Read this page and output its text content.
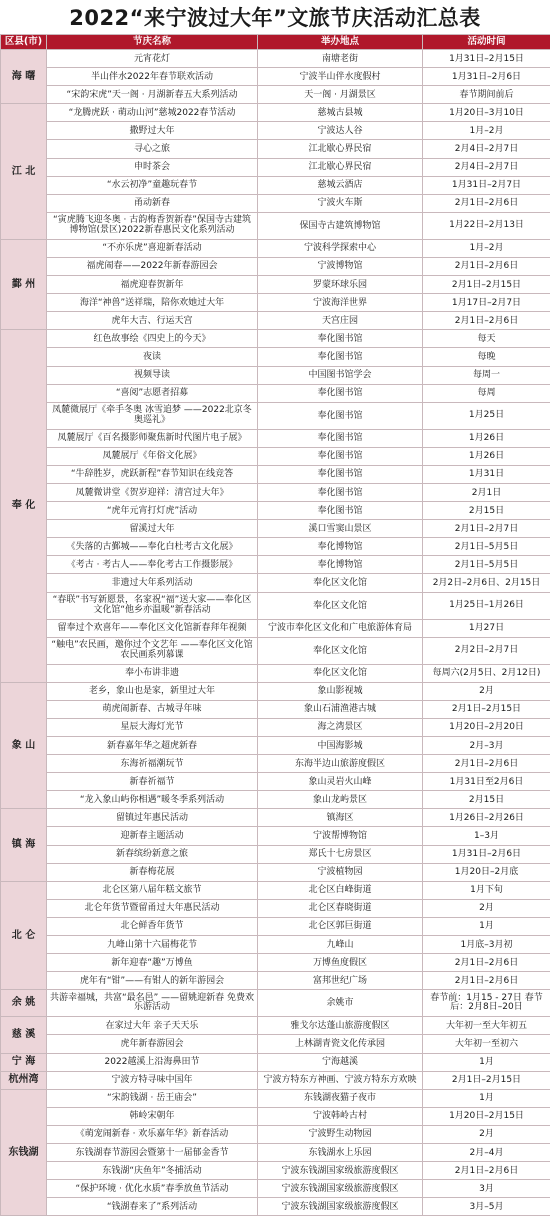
2022“来宁波过大年”文旅节庆活动汇总表
区县(市)	节庆名称	举办地点	活动时间
海 曙	元宵花灯	南塘老街	1月31日–2月15日
	半山伴水2022年春节联欢活动	宁波半山伴水度假村	1月31日–2月6日
	“宋韵宋虎”天一阁 · 月湖新春五大系列活动	天一阁 · 月湖景区	春节期间前后
江 北	“龙腾虎跃 · 萌动山河”慈城2022春节活动	慈城古县城	1月20日–3月10日
	撒野过大年	宁波达人谷	1月–2月
	寻心之旅	江北歇心界民宿	2月4日–2月7日
	申时茶会	江北歇心界民宿	2月4日–2月7日
	“水云初净”童趣玩春节	慈城云酒店	1月31日–2月7日
	甬动新春	宁波火车斯	2月1日–2月6日
	“寅虎腾飞迎冬奥 · 古韵梅香贺新春”保国寺古建筑博物馆(景区)2022新春惠民文化系列活动	保国寺古建筑博物馆	1月22日–2月13日
鄞 州	“不亦乐虎”喜迎新春活动	宁波科学探索中心	1月–2月
	福虎闹春——2022年新春游园会	宁波博物馆	2月1日–2月6日
	福虎迎春贺新年	罗蒙环球乐园	2月1日–2月15日
	海洋“神兽”送祥瑞，陪你欢她过大年	宁波海洋世界	1月17日–2月7日
	虎年大吉、行运天宫	天宫庄园	2月1日–2月6日
奉 化	红色故事绘《四史上的今天》	奉化图书馆	每天
	夜读	奉化图书馆	每晚
	视频导读	中国图书馆学会	每周一
	“喜阅”志愿者招募	奉化图书馆	每周
	凤麓微展厅《牵手冬奥 冰雪追梦 ——2022北京冬奥巡礼》	奉化图书馆	1月25日
	凤麓展厅《百名摄影师聚焦新时代图片电子展》	奉化图书馆	1月26日
	凤麓展厅《年俗文化展》	奉化图书馆	1月26日
	“牛辞胜岁，虎跃新程”春节知识在线竞答	奉化图书馆	1月31日
	凤麓微讲堂《贺岁迎祥：清宫过大年》	奉化图书馆	2月1日
	“虎年元宵打灯虎”活动	奉化图书馆	2月15日
	留溪过大年	溪口雪窦山景区	2月1日–2月7日
	《失落的古鄞城——奉化白杜考古文化展》	奉化博物馆	2月1日–5月5日
	《考古 · 考古人——奉化考古工作摄影展》	奉化博物馆	2月1日–5月5日
	非遗过大年系列活动	奉化区文化馆	2月2日–2月6日、2月15日
	“春联”书写新愿景，名家祝“福”送大家——奉化区文化馆“他乡亦温暖”新春活动	奉化区文化馆	1月25日–1月26日
	留奉过个欢喜年——奉化区文化馆新春拜年视频	宁波市奉化区文化和广电旅游体育局	1月27日
	“触电”农民画，邀你过个文艺年 ——奉化区文化馆农民画系列慕课	奉化区文化馆	2月2日–2月7日
	奉小布讲非遗	奉化区文化馆	每周六(2月5日、2月12日)
象 山	老乡，象山也是家，新里过大年	象山影视城	2月
	萌虎闹新春、古城寻年味	象山石浦渔港古城	2月1日–2月15日
	星辰大海灯光节	海之湾景区	1月20日–2月20日
	新春嘉年华之超虎新春	中国海影城	2月–3月
	东海祈福潮玩节	东海半边山旅游度假区	2月1日–2月6日
	新春祈福节	象山灵岩火山峰	1月31日至2月6日
	“龙入象山屿你相遇”暖冬季系列活动	象山龙屿景区	2月15日
镇 海	留镇过年惠民活动	镇海区	1月26日–2月26日
	迎新春主题活动	宁波帮博物馆	1–3月
	新春缤纷新意之旅	郑氏十七房景区	1月31日–2月6日
	新春梅花展	宁波植物园	1月20日–2月底
北 仑	北仑区第八届年糕文旅节	北仑区白峰街道	1月下旬
	北仑年货节暨留甬过大年惠民活动	北仑区春晓街道	2月
	北仑鲜香年货节	北仑区郭巨街道	1月
	九峰山第十六届梅花节	九峰山	1月底–3月初
	新年迎春“趣”万博鱼	万博鱼度假区	2月1日–2月6日
	虎年有“钳”——有钳人的新年游园会	富邦世纪广场	2月1日–2月6日
余 姚	共游幸福城，共富“最名邑” ——留姚迎新春 免费欢乐游活动	余姚市	春节前：1月15 - 27日 春节后：2月8日–20日
慈 溪	在家过大年 亲子天天乐	雅戈尔达蓬山旅游度假区	大年初一至大年初五
	虎年新春游园会	上林湖青瓷文化传承园	大年初一至初六
宁 海	2022越溪上沿海鼻田节	宁海越溪	1月
杭州湾	宁波方特寻味中国年	宁波方特东方神画、宁波方特东方欢映	2月1日–2月15日
东钱湖	“宋韵钱湖 · 岳王庙会”	东钱湖夜猫子夜市	1月
	韩岭宋朝年	宁波韩岭古村	1月20日–2月15日
	《萌宠闹新春 · 欢乐嘉年华》新春活动	宁波野生动物园	2月
	东钱湖春节游园会暨第十一届郁金香节	东钱湖水上乐园	2月–4月
	东钱湖“庆鱼年”冬捕活动	宁波东钱湖国家级旅游度假区	2月1日–2月6日
	“保护环境 · 优化水质”春季放鱼节活动	宁波东钱湖国家级旅游度假区	3月
	“钱湖春来了”系列活动	宁波东钱湖国家级旅游度假区	3月–5月
